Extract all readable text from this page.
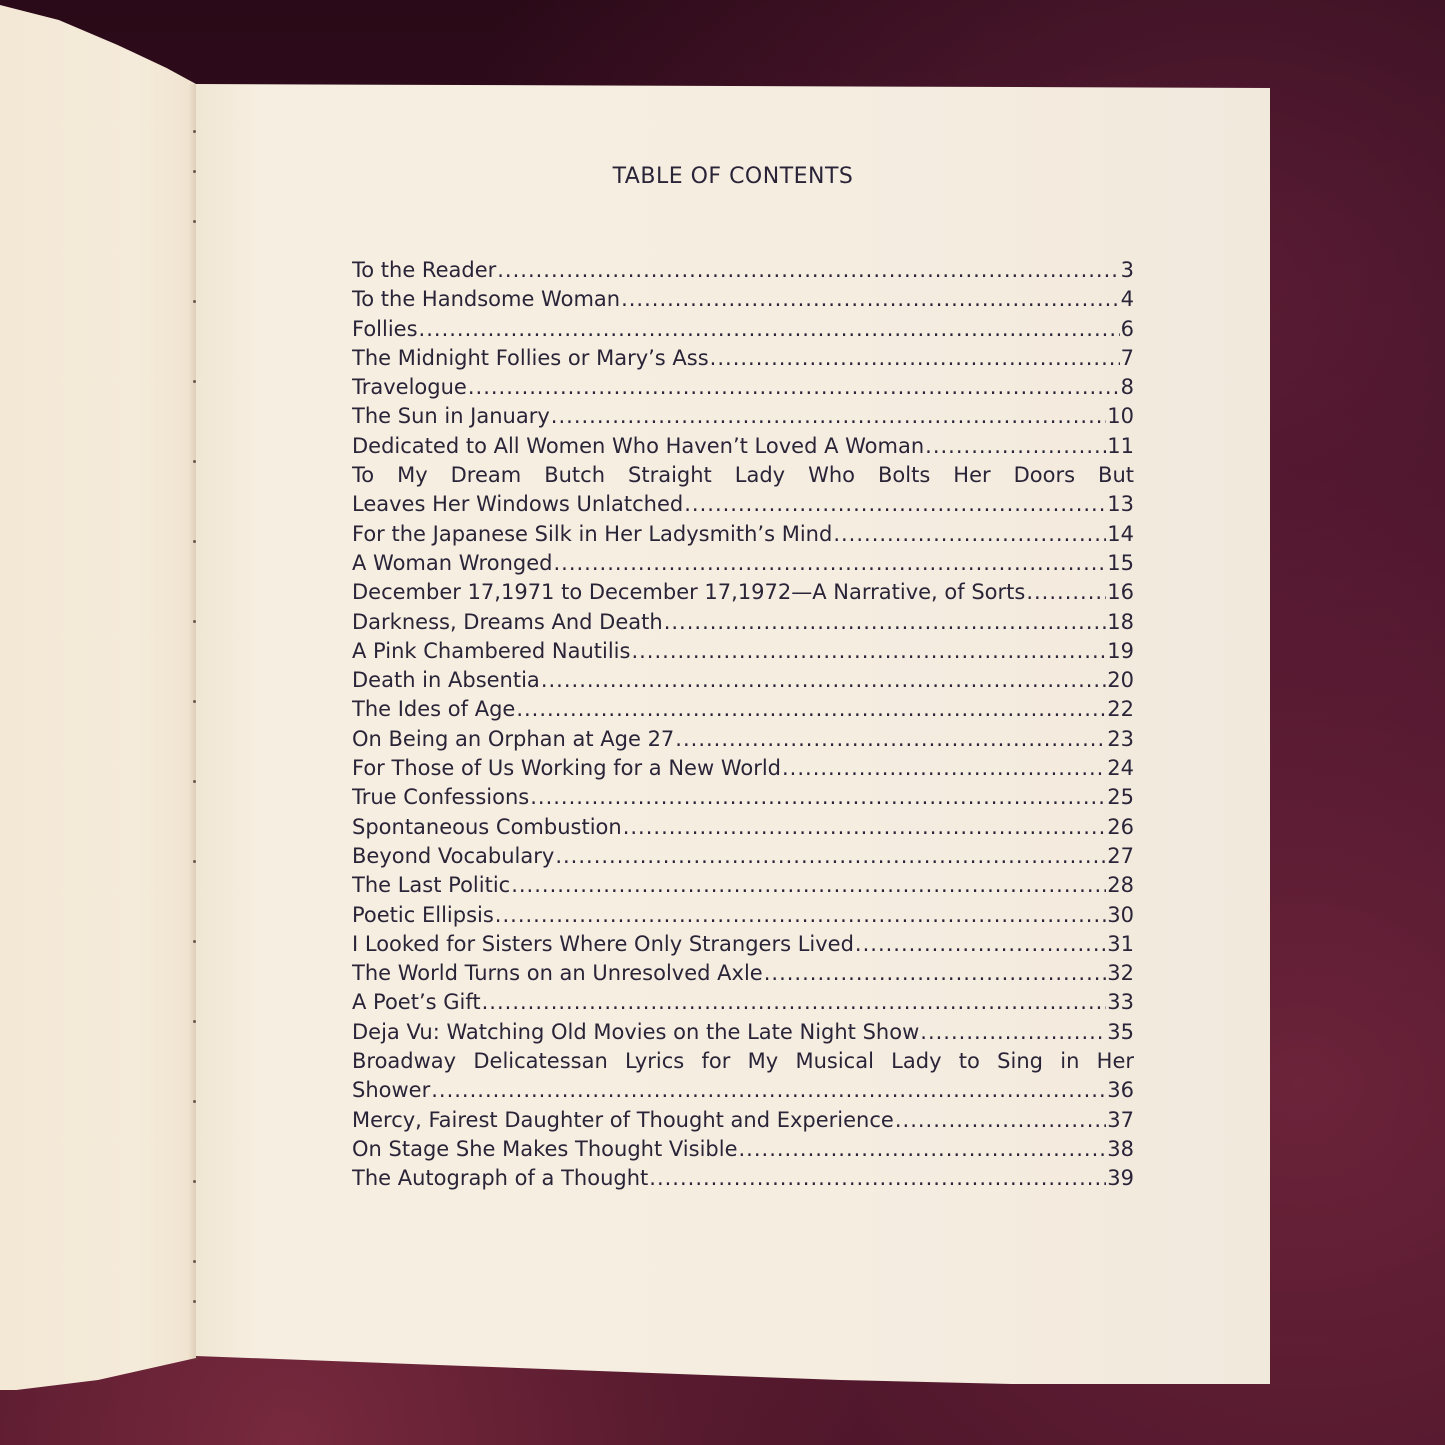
TABLE OF CONTENTS
To the Reader .....	3
To the Handsome Woman .....	4
Follies .....	6
The Midnight Follies or Mary’s Ass .....	7
Travelogue .....	8
The Sun in January .....	10
Dedicated to All Women Who Haven’t Loved A Woman .....	11
To My Dream Butch Straight Lady Who Bolts Her Doors But
Leaves Her Windows Unlatched .....	13
For the Japanese Silk in Her Ladysmith’s Mind .....	14
A Woman Wronged .....	15
December 17,1971 to December 17,1972—A Narrative, of Sorts .....	16
Darkness, Dreams And Death .....	18
A Pink Chambered Nautilis .....	19
Death in Absentia .....	20
The Ides of Age .....	22
On Being an Orphan at Age 27 .....	23
For Those of Us Working for a New World .....	24
True Confessions .....	25
Spontaneous Combustion .....	26
Beyond Vocabulary .....	27
The Last Politic .....	28
Poetic Ellipsis .....	30
I Looked for Sisters Where Only Strangers Lived .....	31
The World Turns on an Unresolved Axle .....	32
A Poet’s Gift .....	33
Deja Vu: Watching Old Movies on the Late Night Show .....	35
Broadway Delicatessan Lyrics for My Musical Lady to Sing in Her
Shower .....	36
Mercy, Fairest Daughter of Thought and Experience .....	37
On Stage She Makes Thought Visible .....	38
The Autograph of a Thought .....	39
